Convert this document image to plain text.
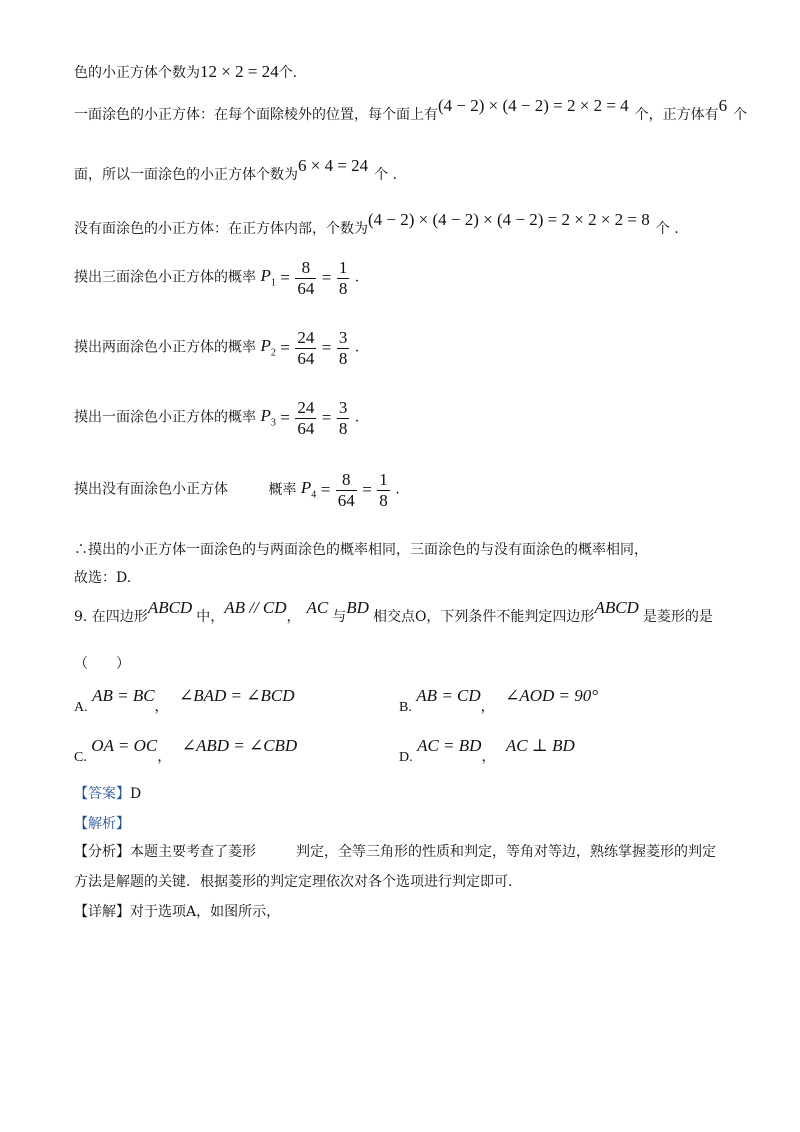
色的小正方体个数为12 × 2 = 24个.
一面涂色的小正方体：在每个面除棱外的位置，每个面上有(4 − 2) × (4 − 2) = 2 × 2 = 4 个，正方体有6 个
面，所以一面涂色的小正方体个数为6 × 4 = 24 个 .
没有面涂色的小正方体：在正方体内部，个数为(4 − 2) × (4 − 2) × (4 − 2) = 2 × 2 × 2 = 8 个 .
摸出三面涂色小正方体的概率 $P_1 = \frac{8}{64} = \frac{1}{8}$ .
摸出两面涂色小正方体的概率 $P_2 = \frac{24}{64} = \frac{3}{8}$ .
摸出一面涂色小正方体的概率 $P_3 = \frac{24}{64} = \frac{3}{8}$ .
摸出没有面涂色小正方体	概率 $P_4 = \frac{8}{64} = \frac{1}{8}$ .
∴摸出的小正方体一面涂色的与两面涂色的概率相同，三面涂色的与没有面涂色的概率相同，
故选：D.
9. 在四边形ABCD 中，AB // CD， AC 与BD 相交点O，下列条件不能判定四边形ABCD 是菱形的是
（　　）
A. AB = BC， ∠BAD = ∠BCD
B. AB = CD， ∠AOD = 90°
C. OA = OC， ∠ABD = ∠CBD
D. AC = BD， AC ⊥ BD
【答案】D
【解析】
【分析】本题主要考查了菱形	判定，全等三角形的性质和判定，等角对等边，熟练掌握菱形的判定
方法是解题的关键．根据菱形的判定定理依次对各个选项进行判定即可.
【详解】对于选项A，如图所示，
